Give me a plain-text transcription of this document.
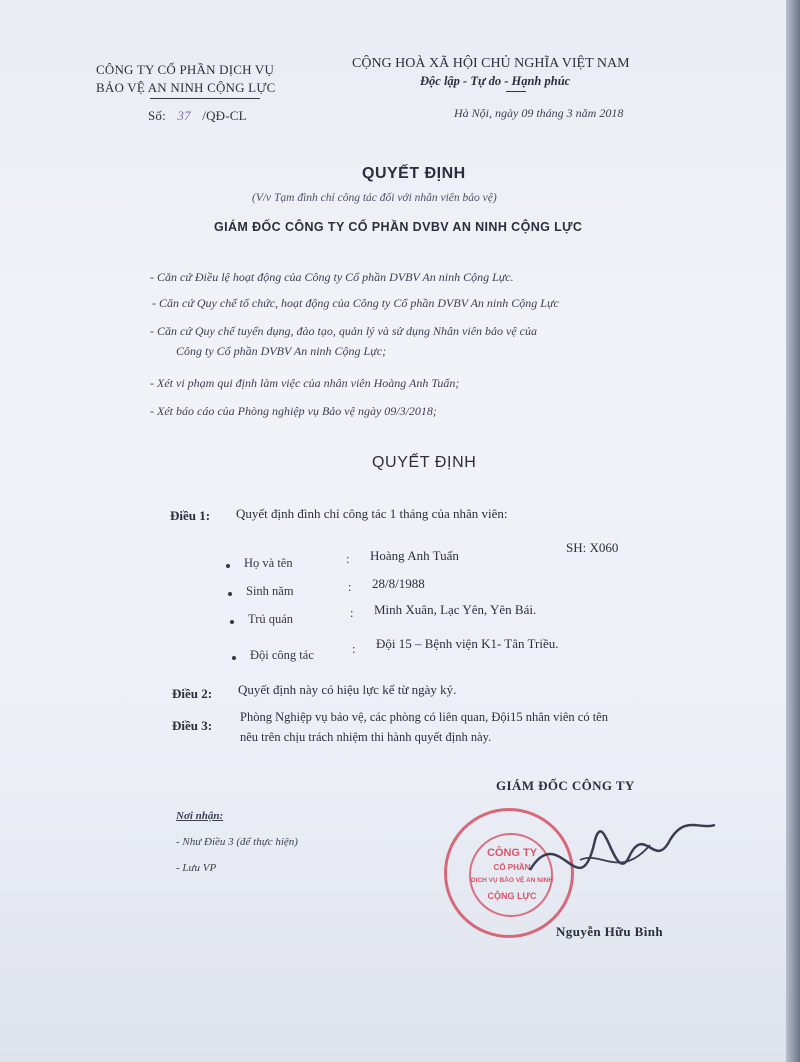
CÔNG TY CỔ PHẦN DỊCH VỤ
BẢO VỆ AN NINH CỘNG LỰC
Số: 37 /QĐ-CL
CỘNG HOÀ XÃ HỘI CHỦ NGHĨA VIỆT NAM
Độc lập - Tự do - Hạnh phúc
Hà Nội, ngày 09 tháng 3 năm 2018
QUYẾT ĐỊNH
(V/v Tạm đình chỉ công tác đối với nhân viên bảo vệ)
GIÁM ĐỐC CÔNG TY CỔ PHẦN DVBV AN NINH CỘNG LỰC
- Căn cứ Điều lệ hoạt động của Công ty Cổ phần DVBV An ninh Cộng Lực.
- Căn cứ Quy chế tổ chức, hoạt động của Công ty Cổ phần DVBV An ninh Cộng Lực
- Căn cứ Quy chế tuyển dụng, đào tạo, quản lý và sử dụng Nhân viên bảo vệ của
Công ty Cổ phần DVBV An ninh Cộng Lực;
- Xét vi phạm qui định làm việc của nhân viên Hoàng Anh Tuấn;
- Xét báo cáo của Phòng nghiệp vụ Bảo vệ ngày 09/3/2018;
QUYẾT ĐỊNH
Điều 1: Quyết định đình chỉ công tác 1 tháng của nhân viên:
Họ và tên	: Hoàng Anh Tuấn
SH: X060
Sinh năm	: 28/8/1988
Trú quán	: Minh Xuân, Lạc Yên, Yên Bái.
Đội công tác	: Đội 15 – Bệnh viện K1- Tân Triều.
Điều 2: Quyết định này có hiệu lực kể từ ngày ký.
Điều 3:
Phòng Nghiệp vụ bảo vệ, các phòng có liên quan, Đội15 nhân viên có tên
nêu trên chịu trách nhiệm thi hành quyết định này.
GIÁM ĐỐC CÔNG TY
Nơi nhận:
- Như Điều 3 (để thực hiện)
- Lưu VP
CÔNG TY
CỔ PHẦN
DỊCH VỤ BẢO VỆ AN NINH
CỘNG LỰC
Nguyễn Hữu Bình
